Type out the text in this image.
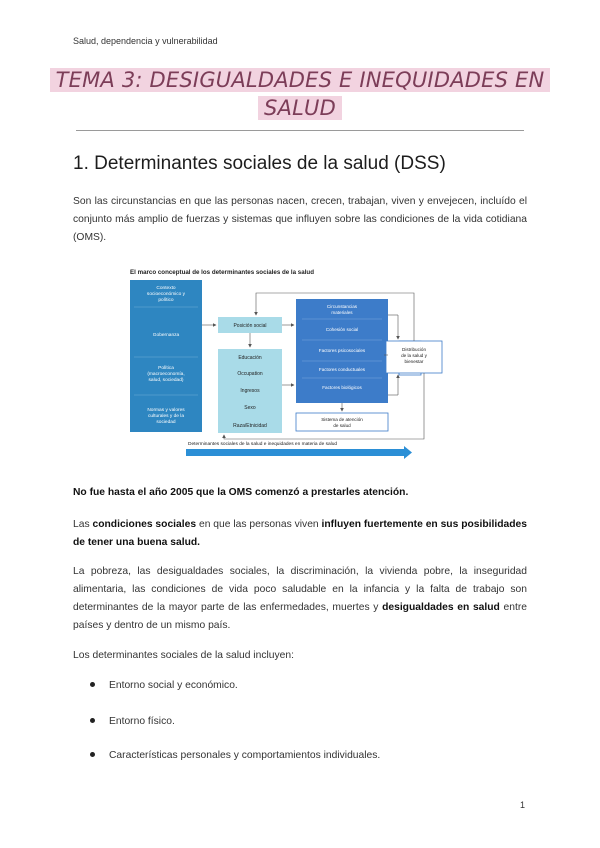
Salud, dependencia y vulnerabilidad
TEMA 3: DESIGUALDADES E INEQUIDADES EN
SALUD
1. Determinantes sociales de la salud (DSS)
Son las circunstancias en que las personas nacen, crecen, trabajan, viven y envejecen, incluído el conjunto más amplio de fuerzas y sistemas que influyen sobre las condiciones de la vida cotidiana (OMS).
El marco conceptual de los determinantes sociales de la salud
Contexto socioeconómico y político
Gobernanza
Política (macroeconomía, salud, sociedad)
Normas y valores culturales y de la sociedad
Posición social
Educación
Occupation
Ingresos
Sexo
Raza/Etnicidad
Circunstancias materiales
Cohesión social
Factores psicosociales
Factores conductuales
Factores biológicos
Sistema de atención de salud
Distribución de la salud y bienestar
Determinantes sociales de la salud e inequidades en materia de salud
No fue hasta el año 2005 que la OMS comenzó a prestarles atención.
Las condiciones sociales en que las personas viven influyen fuertemente en sus posibilidades de tener una buena salud.
La pobreza, las desigualdades sociales, la discriminación, la vivienda pobre, la inseguridad alimentaria, las condiciones de vida poco saludable en la infancia y la falta de trabajo son determinantes de la mayor parte de las enfermedades, muertes y desigualdades en salud entre países y dentro de un mismo país.
Los determinantes sociales de la salud incluyen:
Entorno social y económico.
Entorno físico.
Características personales y comportamientos individuales.
1
